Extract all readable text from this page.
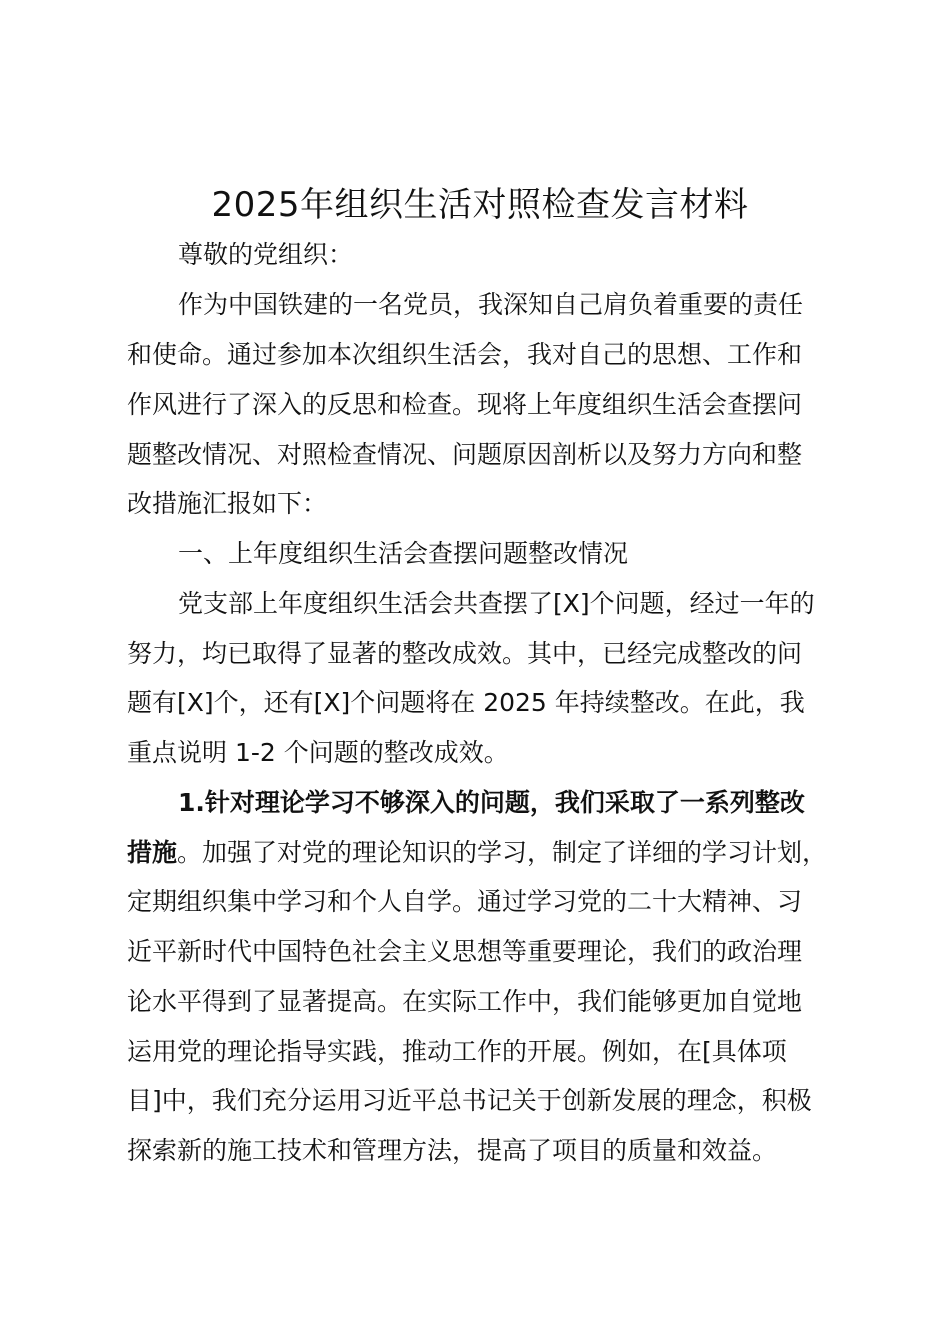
2025年组织生活对照检查发言材料
尊敬的党组织：
作为中国铁建的一名党员，我深知自己肩负着重要的责任
和使命。通过参加本次组织生活会，我对自己的思想、工作和
作风进行了深入的反思和检查。现将上年度组织生活会查摆问
题整改情况、对照检查情况、问题原因剖析以及努力方向和整
改措施汇报如下：
一、上年度组织生活会查摆问题整改情况
党支部上年度组织生活会共查摆了[X]个问题，经过一年的
努力，均已取得了显著的整改成效。其中，已经完成整改的问
题有[X]个，还有[X]个问题将在 2025 年持续整改。在此，我
重点说明 1-2 个问题的整改成效。
1.针对理论学习不够深入的问题，我们采取了一系列整改
措施。加强了对党的理论知识的学习，制定了详细的学习计划，
定期组织集中学习和个人自学。通过学习党的二十大精神、习
近平新时代中国特色社会主义思想等重要理论，我们的政治理
论水平得到了显著提高。在实际工作中，我们能够更加自觉地
运用党的理论指导实践，推动工作的开展。例如，在[具体项
目]中，我们充分运用习近平总书记关于创新发展的理念，积极
探索新的施工技术和管理方法，提高了项目的质量和效益。
